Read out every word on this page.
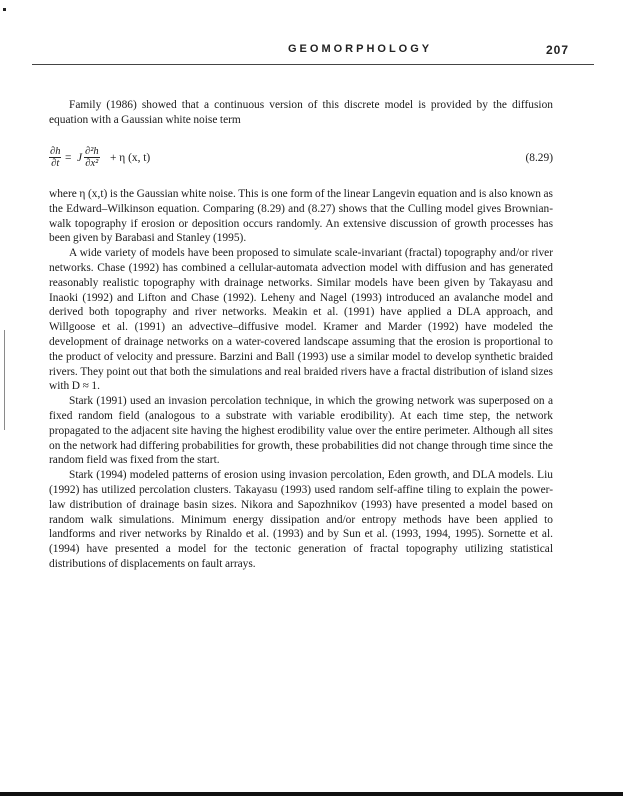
GEOMORPHOLOGY	207

Family (1986) showed that a continuous version of this discrete model is provided by the diffusion equation with a Gaussian white noise term

$\frac{\partial h}{\partial t} = J \frac{\text{∂²h}}{\text{∂x²}} + \eta$ (x, t)	(8.29)

where η (x,t) is the Gaussian white noise. This is one form of the linear Langevin equation and is also known as the Edward–Wilkinson equation. Comparing (8.29) and (8.27) shows that the Culling model gives Brownian-walk topography if erosion or deposition occurs randomly. An extensive discussion of growth processes has been given by Barabasi and Stanley (1995).

A wide variety of models have been proposed to simulate scale-invariant (fractal) topography and/or river networks. Chase (1992) has combined a cellular-automata advection model with diffusion and has generated reasonably realistic topography with drainage networks. Similar models have been given by Takayasu and Inaoki (1992) and Lifton and Chase (1992). Leheny and Nagel (1993) introduced an avalanche model and derived both topography and river networks. Meakin et al. (1991) have applied a DLA approach, and Willgoose et al. (1991) an advective–diffusive model. Kramer and Marder (1992) have modeled the development of drainage networks on a water-covered landscape assuming that the erosion is proportional to the product of velocity and pressure. Barzini and Ball (1993) use a similar model to develop synthetic braided rivers. They point out that both the simulations and real braided rivers have a fractal distribution of island sizes with D ≈ 1.

Stark (1991) used an invasion percolation technique, in which the growing network was superposed on a fixed random field (analogous to a substrate with variable erodibility). At each time step, the network propagated to the adjacent site having the highest erodibility value over the entire perimeter. Although all sites on the network had differing probabilities for growth, these probabilities did not change through time since the random field was fixed from the start.

Stark (1994) modeled patterns of erosion using invasion percolation, Eden growth, and DLA models. Liu (1992) has utilized percolation clusters. Takayasu (1993) used random self-affine tiling to explain the power-law distribution of drainage basin sizes. Nikora and Sapozhnikov (1993) have presented a model based on random walk simulations. Minimum energy dissipation and/or entropy methods have been applied to landforms and river networks by Rinaldo et al. (1993) and by Sun et al. (1993, 1994, 1995). Sornette et al. (1994) have presented a model for the tectonic generation of fractal topography utilizing statistical distributions of displacements on fault arrays.
